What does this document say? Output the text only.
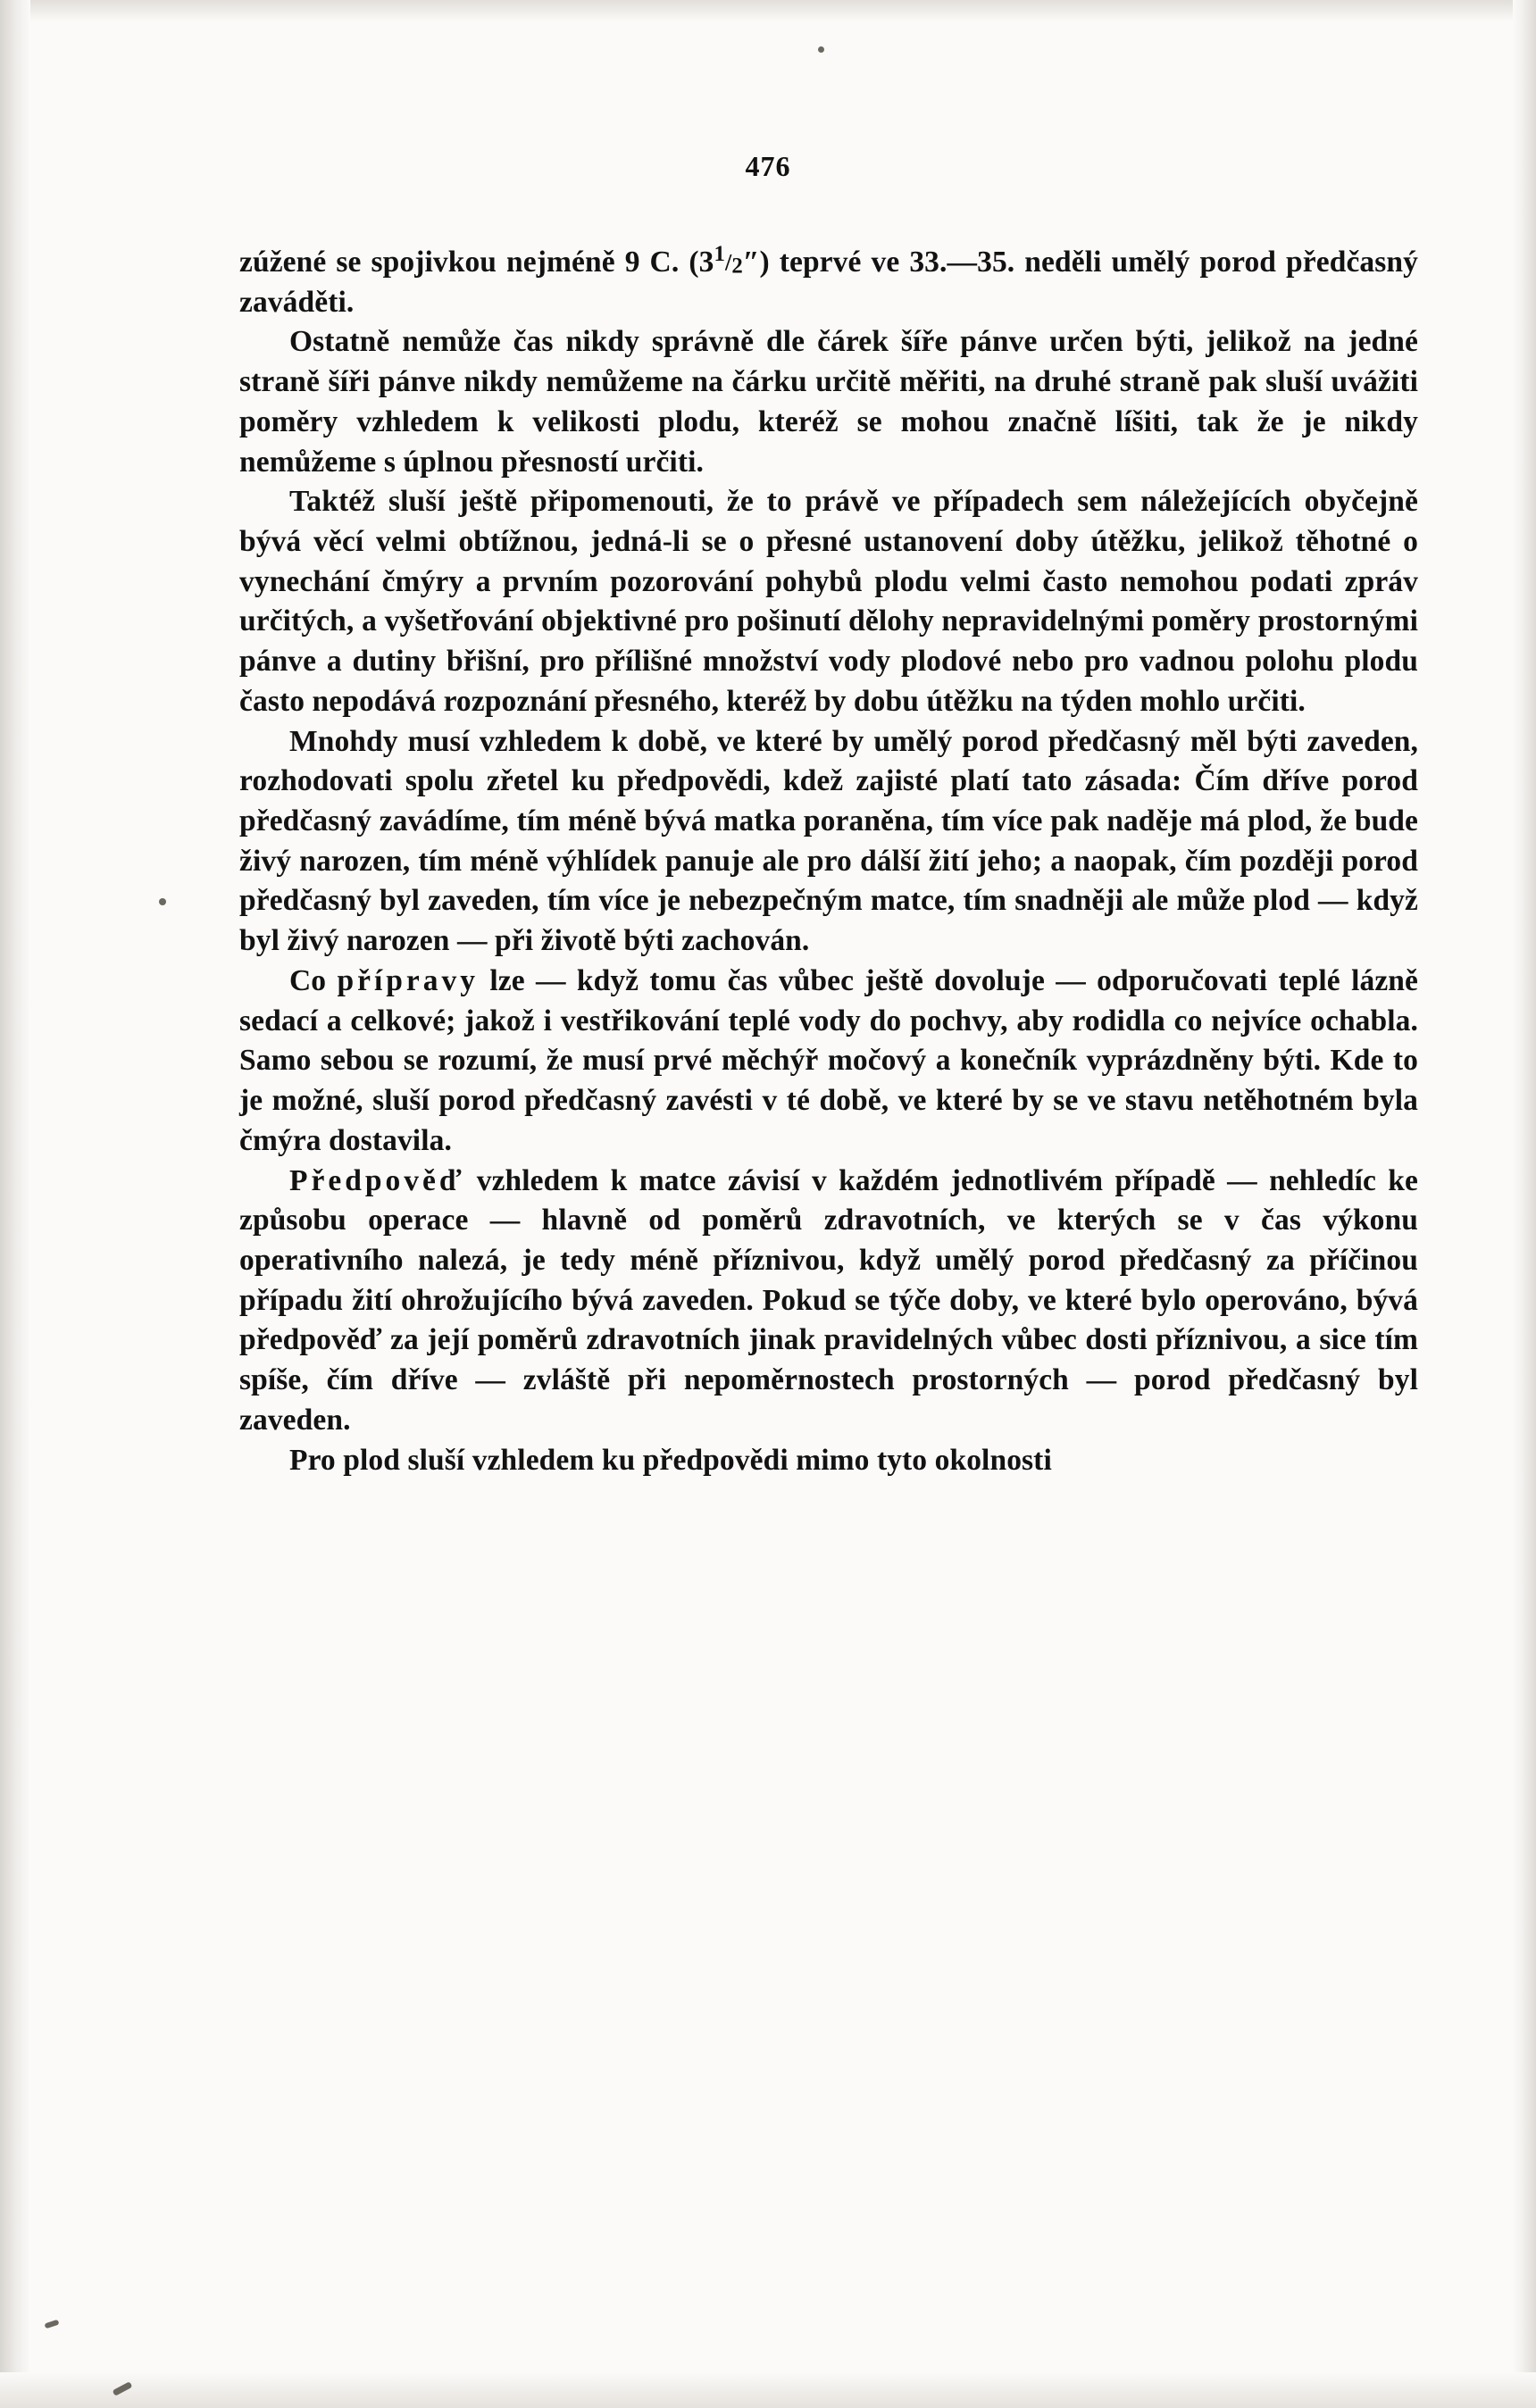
476

zúžené se spojivkou nejméně 9 C. $(3^1/_2'')$ teprvé ve 33.—35. neděli umělý porod předčasný zaváděti.

Ostatně nemůže čas nikdy správně dle čárek šíře pánve určen býti, jelikož na jedné straně šíři pánve nikdy nemůžeme na čárku určitě měřiti, na druhé straně pak sluší uvážiti poměry vzhledem k velikosti plodu, kteréž se mohou značně líšiti, tak že je nikdy nemůžeme s úplnou přesností určiti.

Taktéž sluší ještě připomenouti, že to právě ve případech sem náležejících obyčejně bývá věcí velmi obtížnou, jedná-li se o přesné ustanovení doby útěžku, jelikož těhotné o vynechání čmýry a prvním pozorování pohybů plodu velmi často nemohou podati zpráv určitých, a vyšetřování objektivné pro pošinutí dělohy nepravidelnými poměry prostornými pánve a dutiny břišní, pro přílišné množství vody plodové nebo pro vadnou polohu plodu často nepodává rozpoznání přesného, kteréž by dobu útěžku na týden mohlo určiti.

Mnohdy musí vzhledem k době, ve které by umělý porod předčasný měl býti zaveden, rozhodovati spolu zřetel ku předpovědi, kdež zajisté platí tato zásada: Čím dříve porod předčasný zavádíme, tím méně bývá matka poraněna, tím více pak naděje má plod, že bude živý narozen, tím méně výhlídek panuje ale pro dálší žití jeho; a naopak, čím později porod předčasný byl zaveden, tím více je nebezpečným matce, tím snadněji ale může plod — když byl živý narozen — při životě býti zachován.

Co přípravy lze — když tomu čas vůbec ještě dovoluje — odporučovati teplé lázně sedací a celkové; jakož i vestřikování teplé vody do pochvy, aby rodidla co nejvíce ochabla. Samo sebou se rozumí, že musí prvé měchýř močový a konečník vyprázdněny býti. Kde to je možné, sluší porod předčasný zavésti v té době, ve které by se ve stavu netěhotném byla čmýra dostavila.

Předpověď vzhledem k matce závisí v každém jednotlivém případě — nehledíc ke způsobu operace — hlavně od poměrů zdravotních, ve kterých se v čas výkonu operativního nalezá, je tedy méně příznivou, když umělý porod předčasný za příčinou případu žití ohrožujícího bývá zaveden. Pokud se týče doby, ve které bylo operováno, bývá předpověď za její poměrů zdravotních jinak pravidelných vůbec dosti příznivou, a sice tím spíše, čím dříve — zvláště při nepoměrnostech prostorných — porod předčasný byl zaveden.

Pro plod sluší vzhledem ku předpovědi mimo tyto okolnosti
